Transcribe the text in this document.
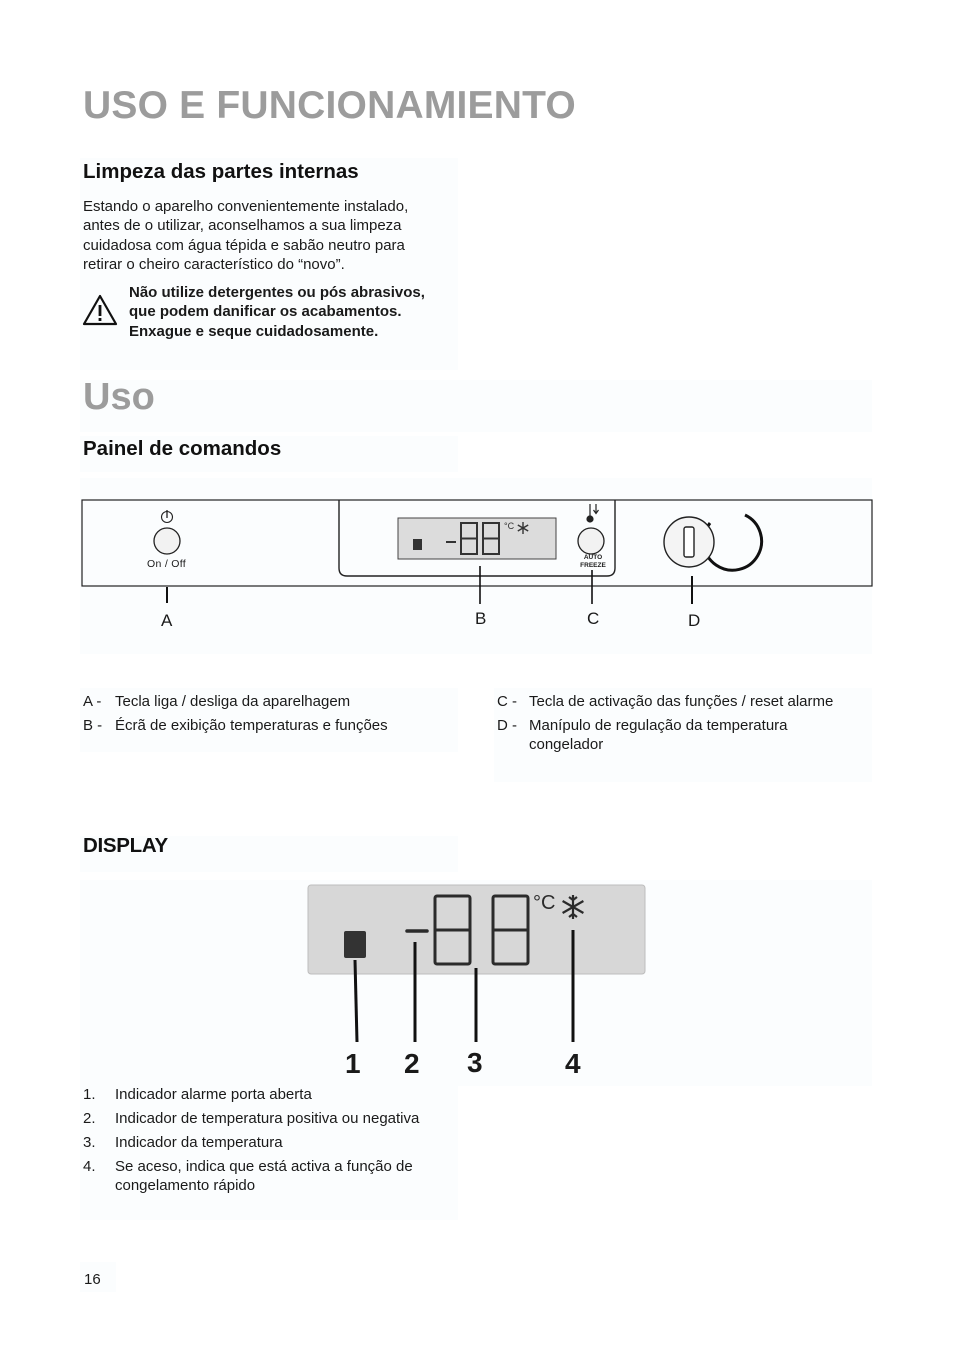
USO E FUNCIONAMIENTO
Limpeza das partes internas
Estando o aparelho convenientemente instalado,
antes de o utilizar, aconselhamos a sua limpeza
cuidadosa com água tépida e sabão neutro para
retirar o cheiro característico do “novo”.
Não utilize detergentes ou pós abrasivos,
que podem danificar os acabamentos.
Enxague e seque cuidadosamente.
Uso
Painel de comandos
°C
On / Off
AUTO
FREEZE
A	B	C	D
A - Tecla liga / desliga da aparelhagem
B - Écrã de exibição temperaturas e funções
C - Tecla de activação das funções / reset alarme
D - Manípulo de regulação da temperatura
congelador
DISPLAY
°C
1 2 3	4
1. Indicador alarme porta aberta
2. Indicador de temperatura positiva ou negativa
3. Indicador da temperatura
4. Se aceso, indica que está activa a função de
congelamento rápido
16
